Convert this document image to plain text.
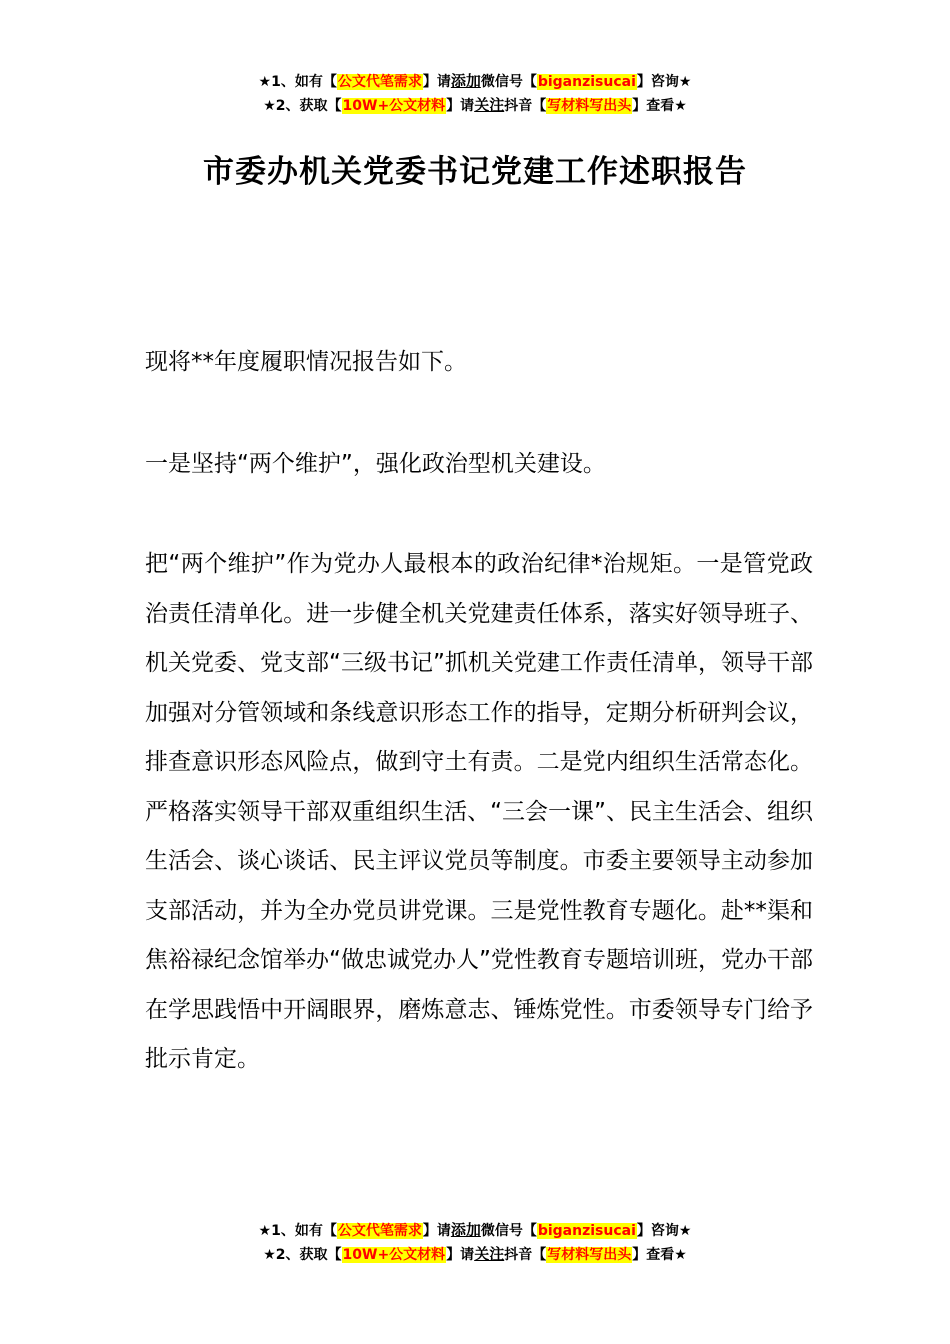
★1、如有【公文代笔需求】请添加微信号【biganzisucai】咨询★
★2、获取【10W+公文材料】请关注抖音【写材料写出头】查看★
市委办机关党委书记党建工作述职报告

现将**年度履职情况报告如下。

一是坚持“两个维护”，强化政治型机关建设。

把“两个维护”作为党办人最根本的政治纪律*治规矩。一是管党政治责任清单化。进一步健全机关党建责任体系，落实好领导班子、机关党委、党支部“三级书记”抓机关党建工作责任清单，领导干部加强对分管领域和条线意识形态工作的指导，定期分析研判会议，排查意识形态风险点，做到守土有责。二是党内组织生活常态化。严格落实领导干部双重组织生活、“三会一课”、民主生活会、组织生活会、谈心谈话、民主评议党员等制度。市委主要领导主动参加支部活动，并为全办党员讲党课。三是党性教育专题化。赴**渠和焦裕禄纪念馆举办“做忠诚党办人”党性教育专题培训班，党办干部在学思践悟中开阔眼界，磨炼意志、锤炼党性。市委领导专门给予批示肯定。

★1、如有【公文代笔需求】请添加微信号【biganzisucai】咨询★
★2、获取【10W+公文材料】请关注抖音【写材料写出头】查看★
